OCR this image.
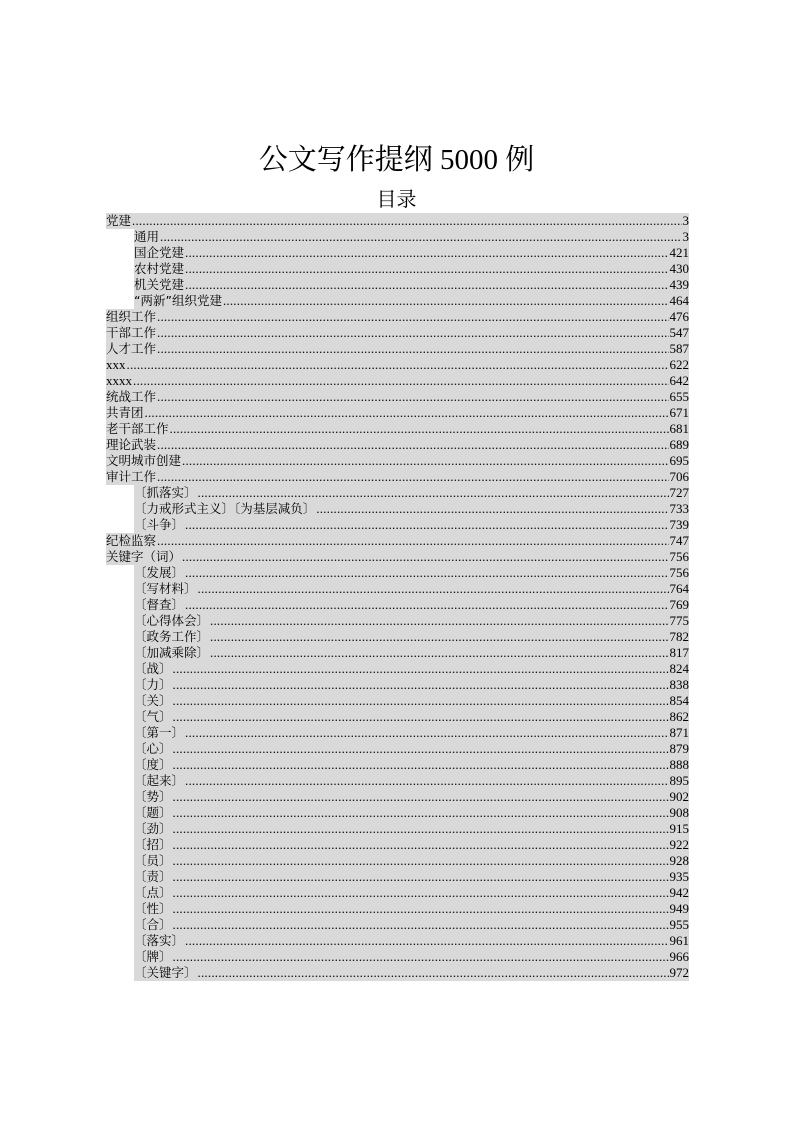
公文写作提纲 5000 例
目录
党建 .....	3
通用 .....	3
国企党建 .....	421
农村党建 .....	430
机关党建 .....	439
“两新”组织党建 .....	464
组织工作 .....	476
干部工作 .....	547
人才工作 .....	587
xxx .....	622
xxxx .....	642
统战工作 .....	655
共青团 .....	671
老干部工作 .....	681
理论武装 .....	689
文明城市创建 .....	695
审计工作 .....	706
〔抓落实〕 .....	727
〔力戒形式主义〕〔为基层减负〕 .....	733
〔斗争〕 .....	739
纪检监察 .....	747
关键字（词） .....	756
〔发展〕 .....	756
〔写材料〕 .....	764
〔督查〕 .....	769
〔心得体会〕 .....	775
〔政务工作〕 .....	782
〔加减乘除〕 .....	817
〔战〕 .....	824
〔力〕 .....	838
〔关〕 .....	854
〔气〕 .....	862
〔第一〕 .....	871
〔心〕 .....	879
〔度〕 .....	888
〔起来〕 .....	895
〔势〕 .....	902
〔题〕 .....	908
〔劲〕 .....	915
〔招〕 .....	922
〔员〕 .....	928
〔责〕 .....	935
〔点〕 .....	942
〔性〕 .....	949
〔合〕 .....	955
〔落实〕 .....	961
〔牌〕 .....	966
〔关键字〕 .....	972
